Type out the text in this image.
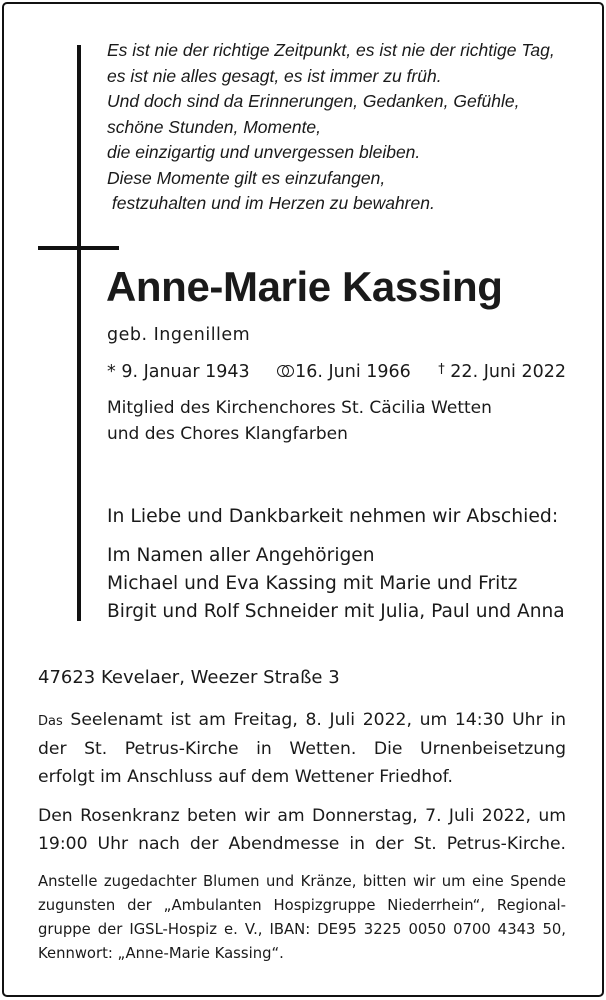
Es ist nie der richtige Zeitpunkt, es ist nie der richtige Tag,
es ist nie alles gesagt, es ist immer zu früh.
Und doch sind da Erinnerungen, Gedanken, Gefühle,
schöne Stunden, Momente,
die einzigartig und unvergessen bleiben.
Diese Momente gilt es einzufangen,
festzuhalten und im Herzen zu bewahren.
Anne-Marie Kassing
geb. Ingenillem
* 9. Januar 1943	16. Juni 1966 † 22. Juni 2022
Mitglied des Kirchenchores St. Cäcilia Wetten
und des Chores Klangfarben
In Liebe und Dankbarkeit nehmen wir Abschied:
Im Namen aller Angehörigen
Michael und Eva Kassing mit Marie und Fritz
Birgit und Rolf Schneider mit Julia, Paul und Anna
47623 Kevelaer, Weezer Straße 3
Das Seelenamt ist am Freitag, 8. Juli 2022, um 14:30 Uhr in
der St. Petrus-Kirche in Wetten. Die Urnenbeisetzung
erfolgt im Anschluss auf dem Wettener Friedhof.
Den Rosenkranz beten wir am Donnerstag, 7. Juli 2022, um
19:00 Uhr nach der Abendmesse in der St. Petrus-Kirche.
Anstelle zugedachter Blumen und Kränze, bitten wir um eine Spende
zugunsten der „Ambulanten Hospizgruppe Niederrhein“, Regional-
gruppe der IGSL-Hospiz e. V., IBAN: DE95 3225 0050 0700 4343 50,
Kennwort: „Anne-Marie Kassing“.
